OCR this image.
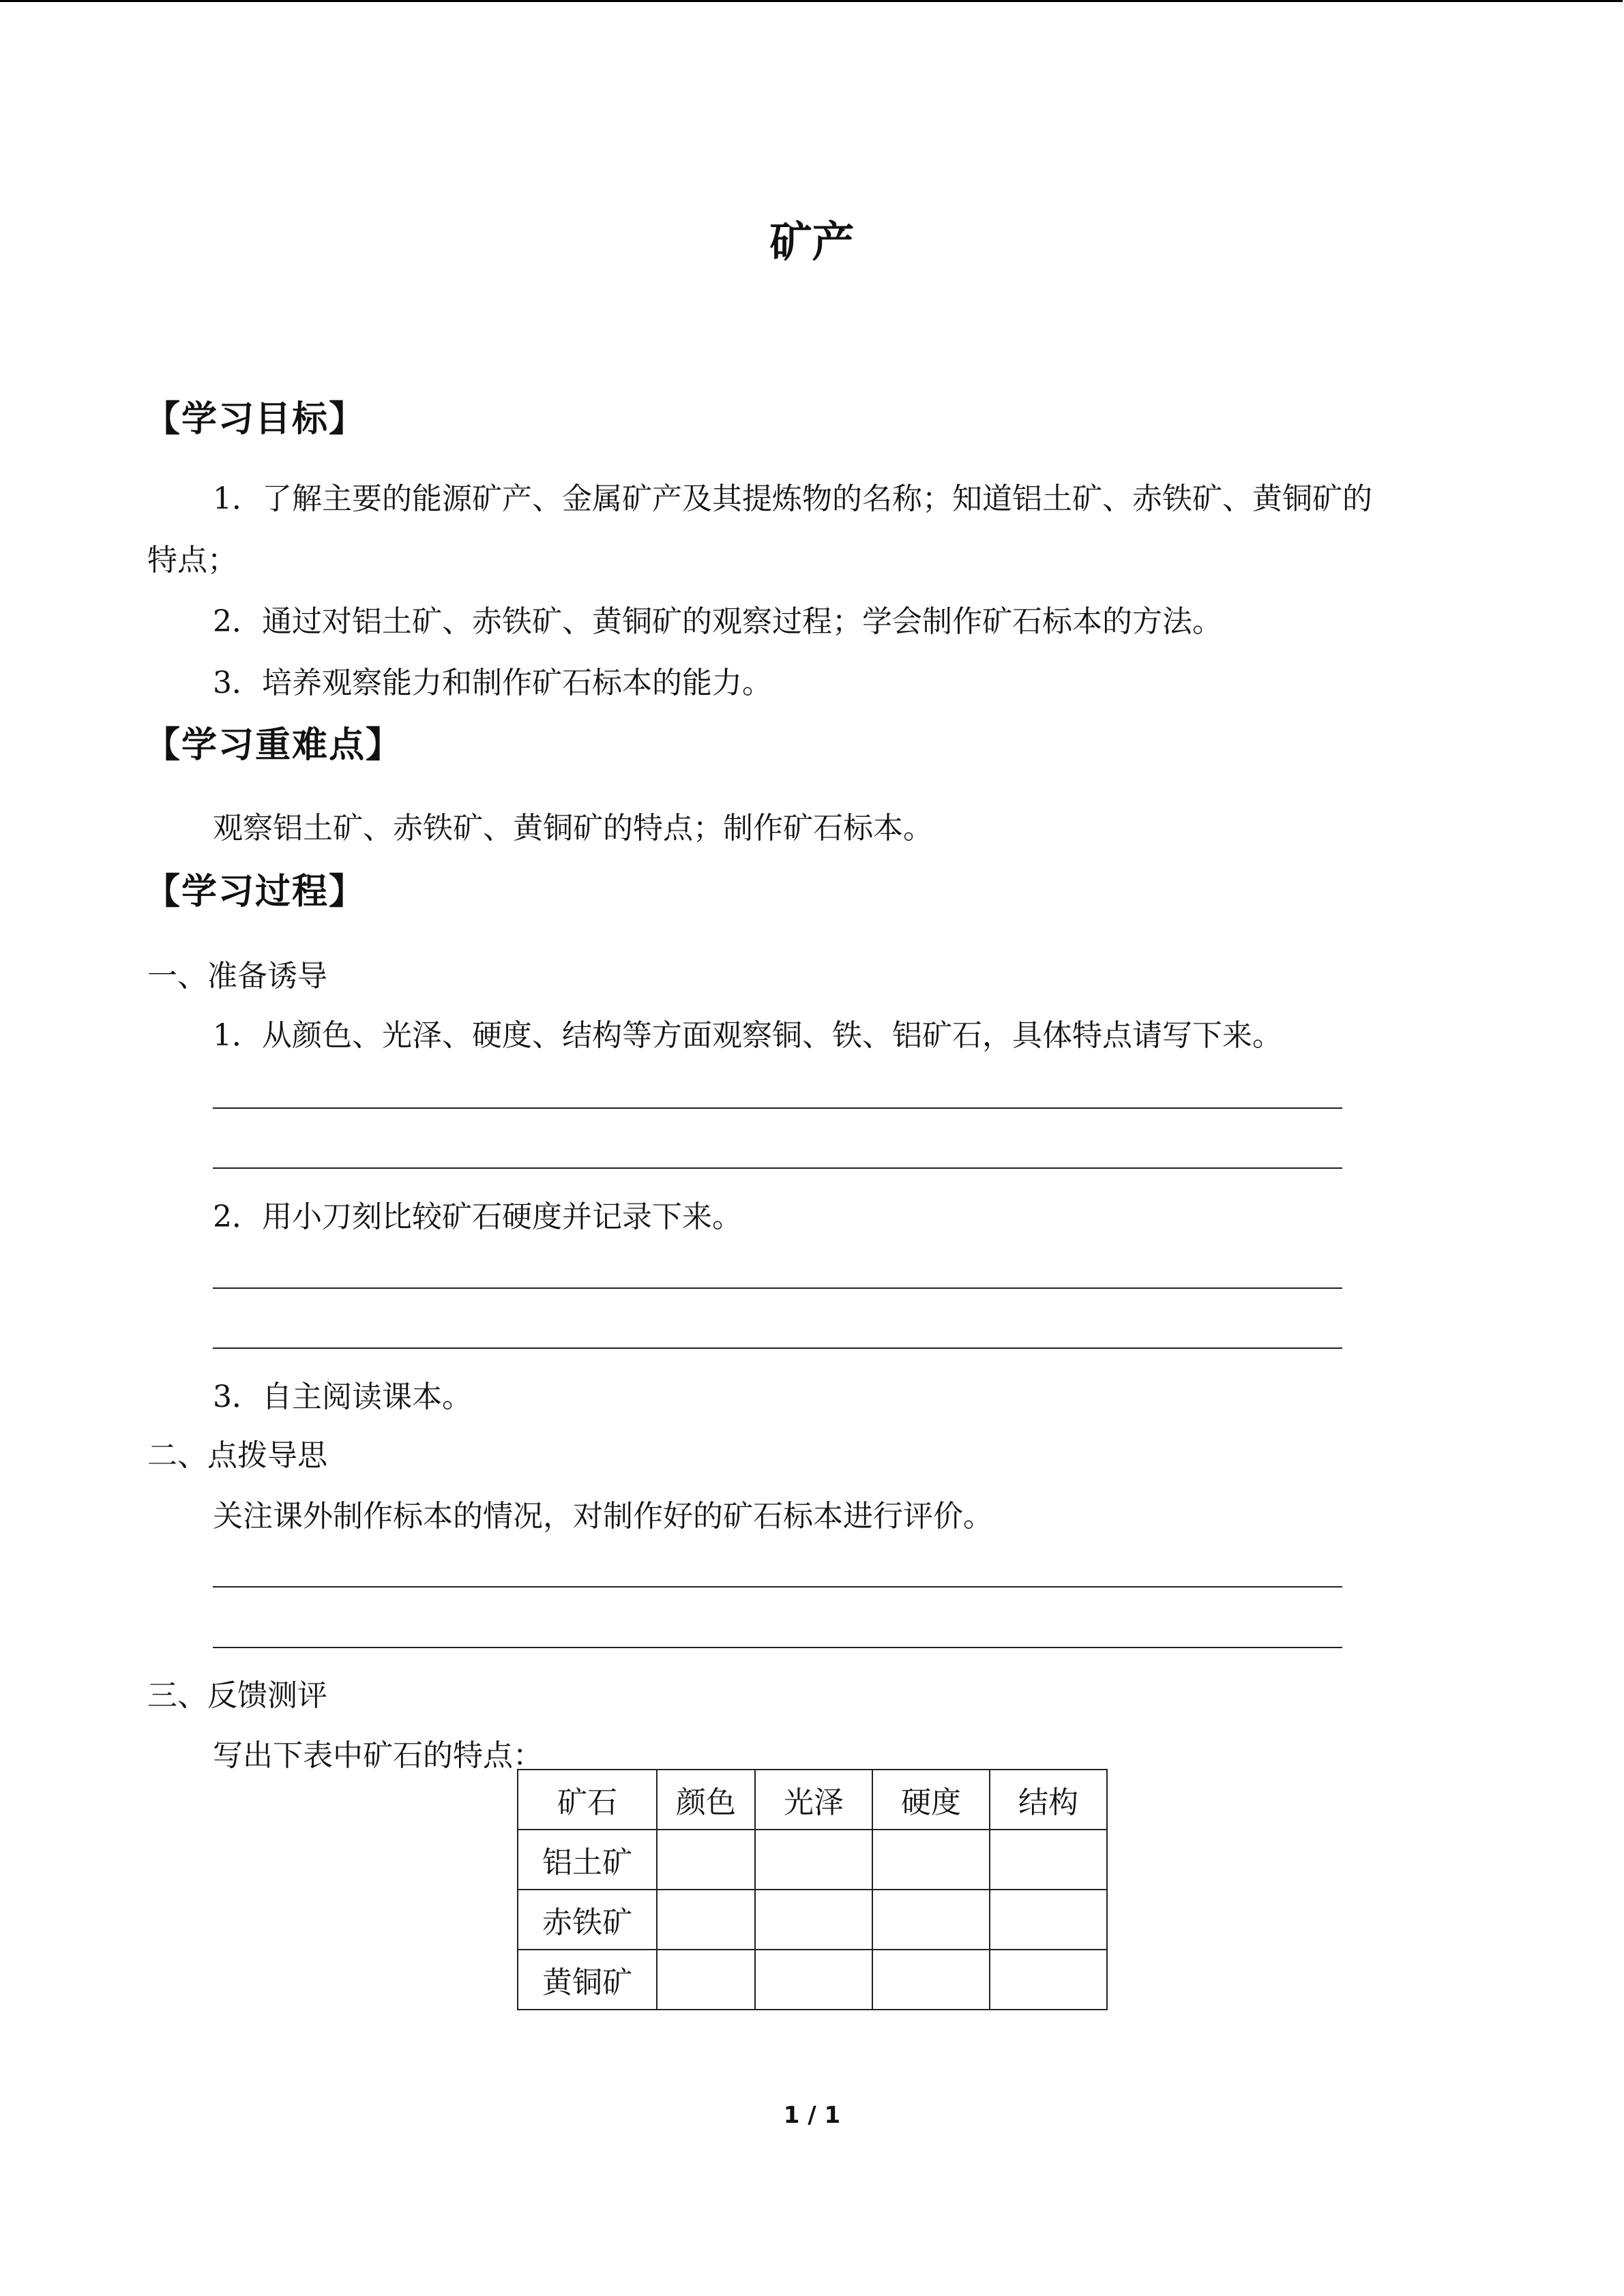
矿产
【学习目标】
1．了解主要的能源矿产、金属矿产及其提炼物的名称；知道铝土矿、赤铁矿、黄铜矿的
特点；
2．通过对铝土矿、赤铁矿、黄铜矿的观察过程；学会制作矿石标本的方法。
3．培养观察能力和制作矿石标本的能力。
【学习重难点】
观察铝土矿、赤铁矿、黄铜矿的特点；制作矿石标本。
【学习过程】
一、准备诱导
1．从颜色、光泽、硬度、结构等方面观察铜、铁、铝矿石，具体特点请写下来。
2．用小刀刻比较矿石硬度并记录下来。
3．自主阅读课本。
二、点拨导思
关注课外制作标本的情况，对制作好的矿石标本进行评价。
三、反馈测评
写出下表中矿石的特点：
矿石	颜色	光泽	硬度	结构
铝土矿				
赤铁矿				
黄铜矿				
1 / 1
